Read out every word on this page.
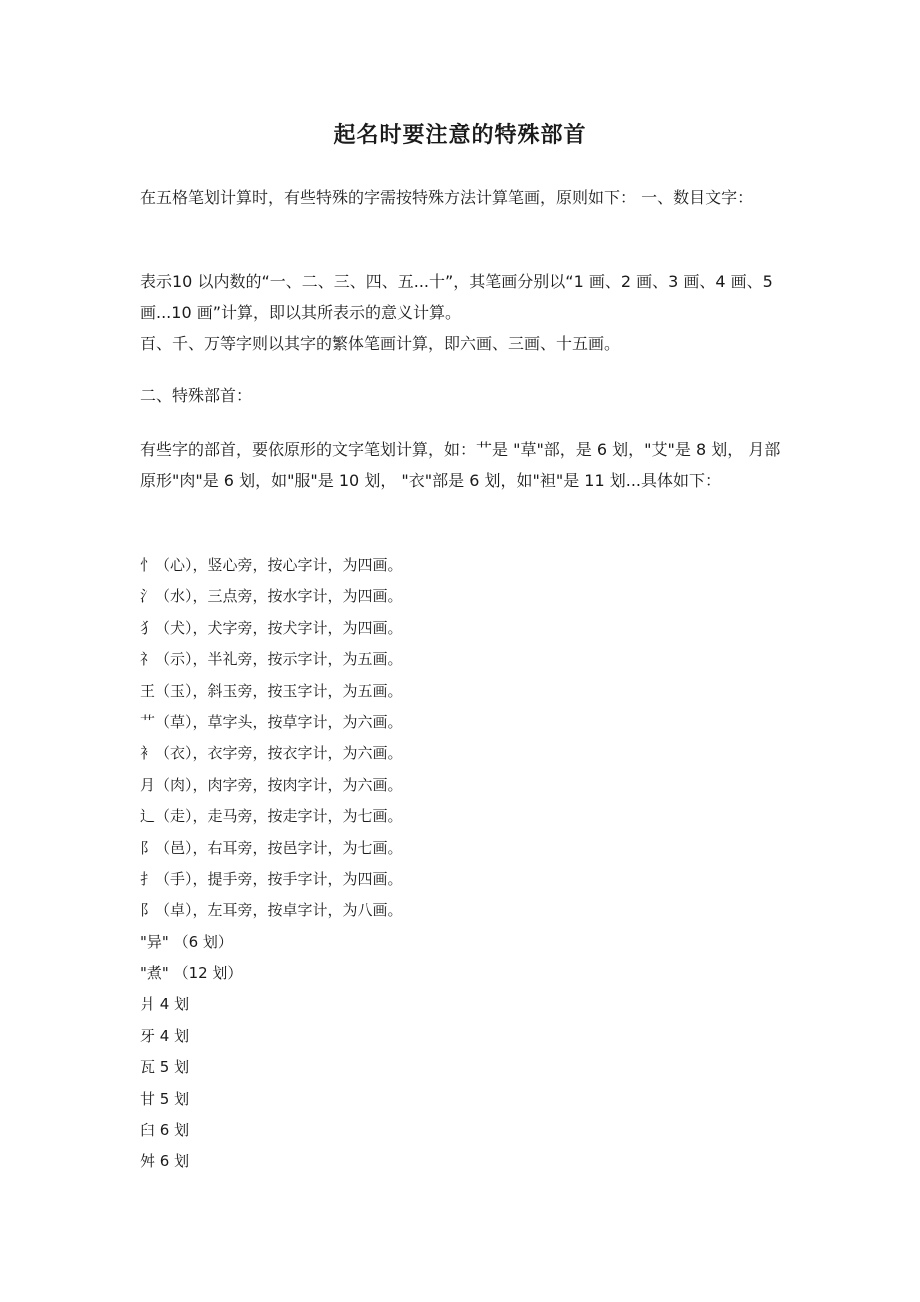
起名时要注意的特殊部首

在五格笔划计算时，有些特殊的字需按特殊方法计算笔画，原则如下： 一、数目文字：

表示10 以内数的“一、二、三、四、五...十”，其笔画分别以“1 画、2 画、3 画、4 画、5 画...10 画”计算，即以其所表示的意义计算。
百、千、万等字则以其字的繁体笔画计算，即六画、三画、十五画。

二、特殊部首：

有些字的部首，要依原形的文字笔划计算，如：艹是 "草"部，是 6 划，"艾"是 8 划， 月部原形"肉"是 6 划，如"服"是 10 划， "衣"部是 6 划，如"袒"是 11 划...具体如下：

忄（心），竖心旁，按心字计，为四画。
氵（水），三点旁，按水字计，为四画。
犭（犬），犬字旁，按犬字计，为四画。
礻（示），半礼旁，按示字计，为五画。
王（玉），斜玉旁，按玉字计，为五画。
艹（草），草字头，按草字计，为六画。
衤（衣），衣字旁，按衣字计，为六画。
月（肉），肉字旁，按肉字计，为六画。
辶（走），走马旁，按走字计，为七画。
阝（邑），右耳旁，按邑字计，为七画。
扌（手），提手旁，按手字计，为四画。
阝（卓），左耳旁，按卓字计，为八画。
"异" （6 划）
"煮" （12 划）
爿 4 划
牙 4 划
瓦 5 划
甘 5 划
臼 6 划
舛 6 划
